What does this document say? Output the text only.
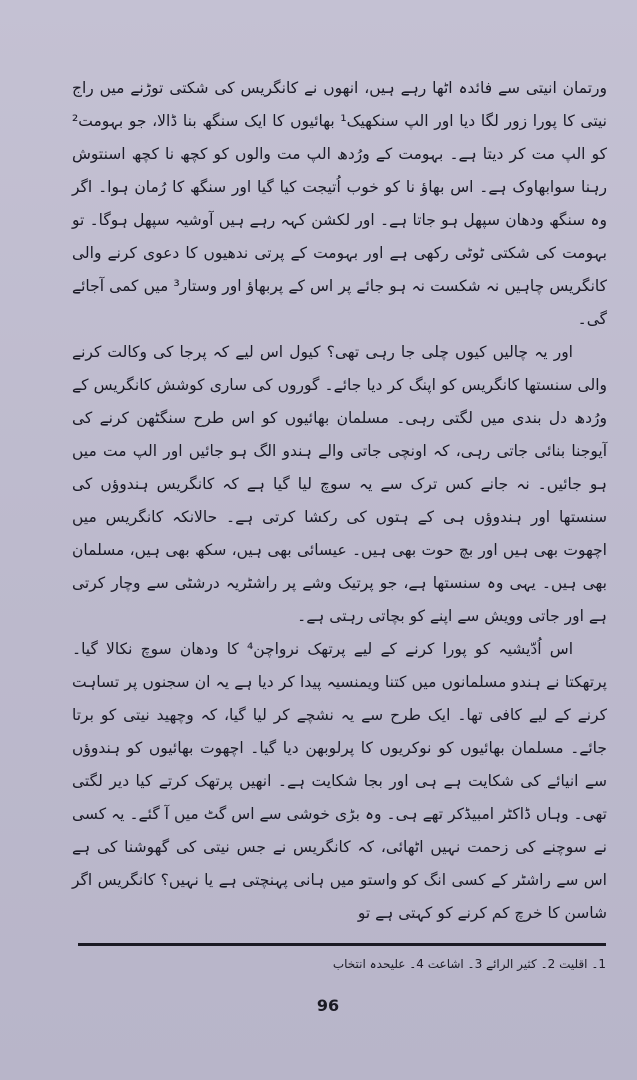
ورتمان انیتی سے فائدہ اٹھا رہے ہیں، انھوں نے کانگریس کی شکتی توڑنے میں راج نیتی کا پورا زور لگا دیا اور الپ سنکھیک¹ بھائیوں کا ایک سنگھ بنا ڈالا، جو بہومت² کو الپ مت کر دیتا ہے۔ بہومت کے ورُدھ الپ مت والوں کو کچھ نا کچھ اسنتوش رہنا سوابھاوک ہے۔ اس بھاؤ نا کو خوب اُتیجت کیا گیا اور سنگھ کا رُمان ہوا۔ اگر وہ سنگھ ودھان سپھل ہو جاتا ہے۔ اور لکشن کہہ رہے ہیں آوشیہ سپھل ہوگا۔ تو بہومت کی شکتی ٹوٹی رکھی ہے اور بہومت کے پرتی ندھیوں کا دعوی کرنے والی کانگریس چاہیں نہ شکست نہ ہو جائے پر اس کے پربھاؤ اور وستار³ میں کمی آجائے گی۔

اور یہ چالیں کیوں چلی جا رہی تھی؟ کیول اس لیے کہ پرجا کی وکالت کرنے والی سنستھا کانگریس کو اپنگ کر دیا جائے۔ گوروں کی ساری کوشش کانگریس کے ورُدھ دل بندی میں لگتی رہی۔ مسلمان بھائیوں کو اس طرح سنگٹھن کرنے کی آیوجنا بنائی جاتی رہی، کہ اونچی جاتی والے ہندو الگ ہو جائیں اور الپ مت میں ہو جائیں۔ نہ جانے کس ترک سے یہ سوچ لیا گیا ہے کہ کانگریس ہندوؤں کی سنستھا اور ہندوؤں ہی کے ہتوں کی رکشا کرتی ہے۔ حالانکہ کانگریس میں اچھوت بھی ہیں اور بچ حوت بھی ہیں۔ عیسائی بھی ہیں، سکھ بھی ہیں، مسلمان بھی ہیں۔ یہی وہ سنستھا ہے، جو پرتیک وشے پر راشٹریہ درشٹی سے وچار کرتی ہے اور جاتی وویش سے اپنے کو بچاتی رہتی ہے۔

اس اُدّیشیہ کو پورا کرنے کے لیے پرتھک نرواچن⁴ کا ودھان سوچ نکالا گیا۔ پرتھکتا نے ہندو مسلمانوں میں کتنا ویمنسیہ پیدا کر دیا ہے یہ ان سجنوں پر تساہت کرنے کے لیے کافی تھا۔ ایک طرح سے یہ نشچے کر لیا گیا، کہ وچھید نیتی کو برتا جائے۔ مسلمان بھائیوں کو نوکریوں کا پرلوبھن دیا گیا۔ اچھوت بھائیوں کو ہندوؤں سے انیائے کی شکایت ہے ہی اور بجا شکایت ہے۔ انھیں پرتھک کرتے کیا دیر لگتی تھی۔ وہاں ڈاکٹر امبیڈکر تھے ہی۔ وہ بڑی خوشی سے اس گٹ میں آ گئے۔ یہ کسی نے سوچنے کی زحمت نہیں اٹھائی، کہ کانگریس نے جس نیتی کی گھوشنا کی ہے اس سے راشٹر کے کسی انگ کو واستو میں ہانی پہنچتی ہے یا نہیں؟ کانگریس اگر شاسن کا خرچ کم کرنے کو کہتی ہے تو

1۔ اقلیت 2۔ کثیر الرائے 3۔ اشاعت 4۔ علیحدہ انتخاب
96
